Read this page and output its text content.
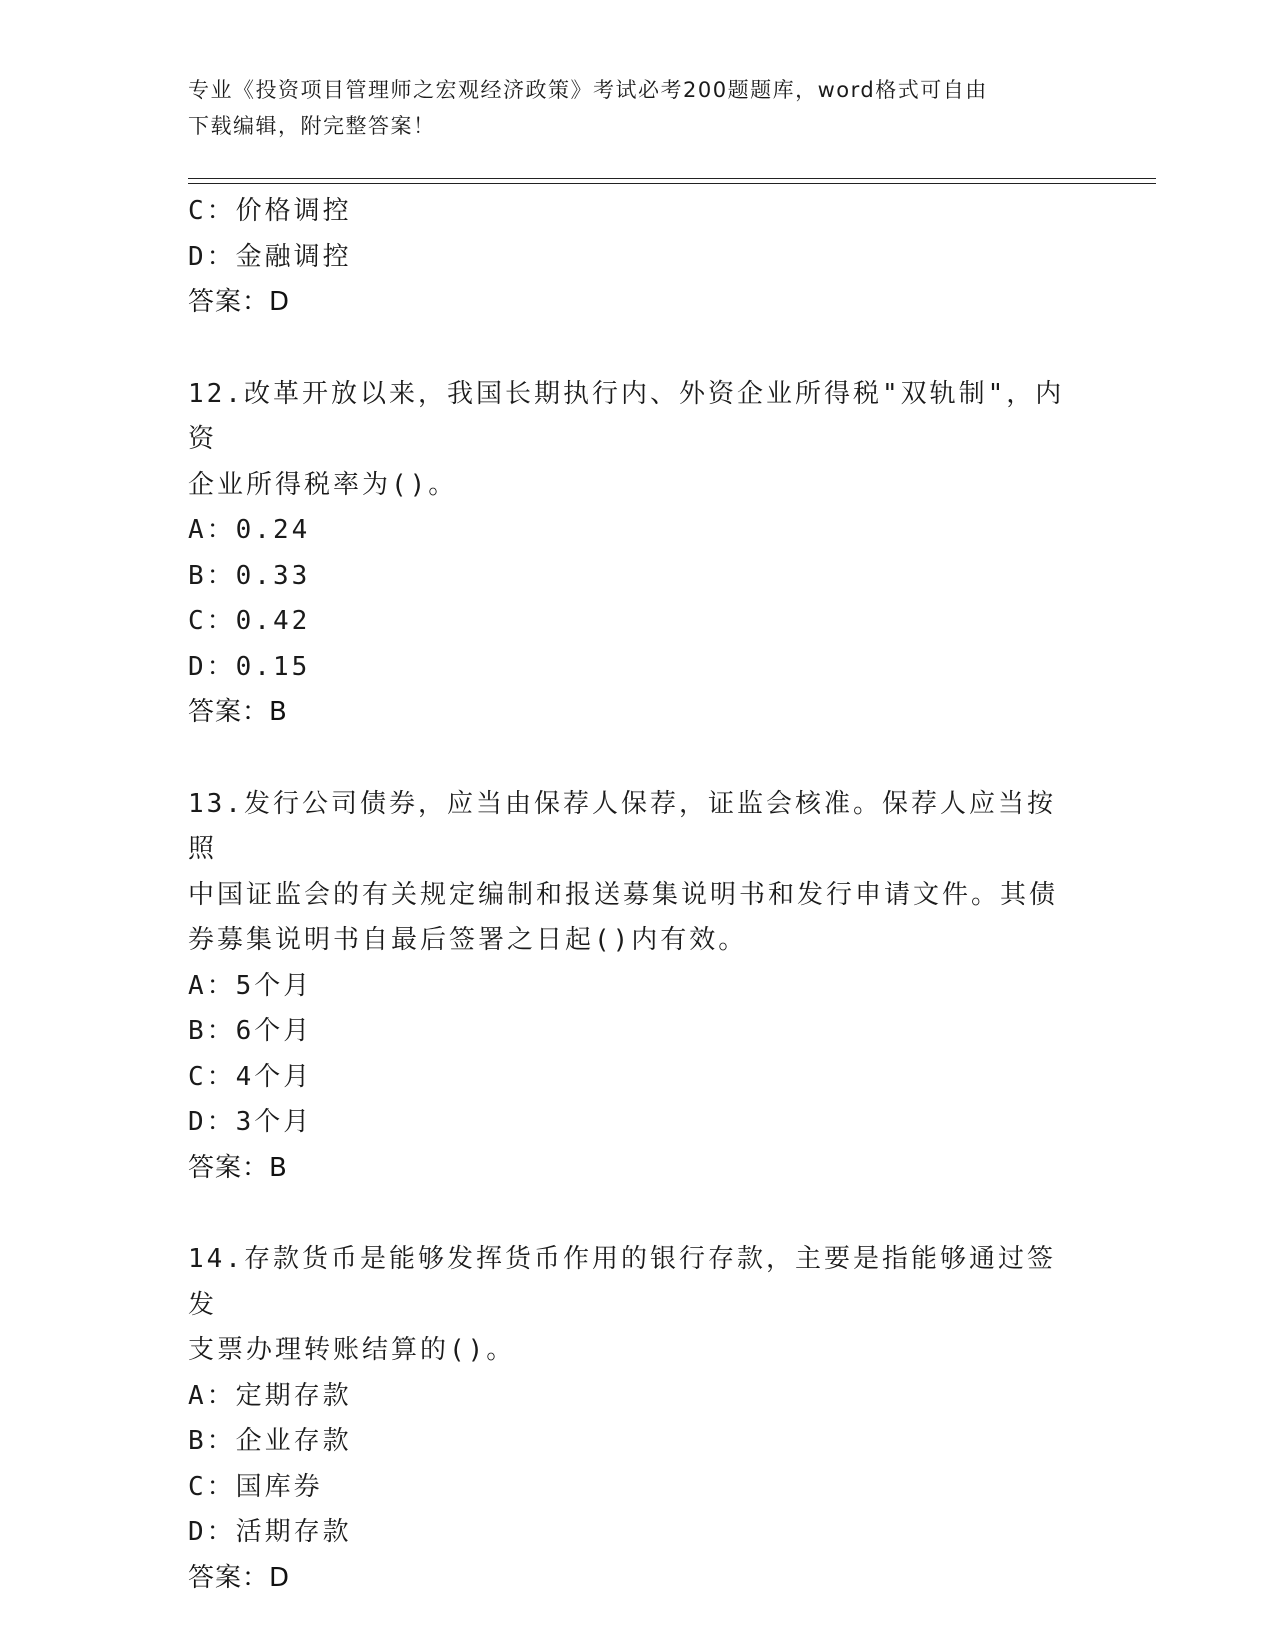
专业《投资项目管理师之宏观经济政策》考试必考200题题库，word格式可自由
下载编辑，附完整答案！
C：价格调控
D：金融调控
答案：D
12.改革开放以来，我国长期执行内、外资企业所得税"双轨制"，内资
企业所得税率为()。
A：0.24
B：0.33
C：0.42
D：0.15
答案：B
13.发行公司债券，应当由保荐人保荐，证监会核准。保荐人应当按照
中国证监会的有关规定编制和报送募集说明书和发行申请文件。其债
券募集说明书自最后签署之日起()内有效。
A：5个月
B：6个月
C：4个月
D：3个月
答案：B
14.存款货币是能够发挥货币作用的银行存款，主要是指能够通过签发
支票办理转账结算的()。
A：定期存款
B：企业存款
C：国库券
D：活期存款
答案：D
